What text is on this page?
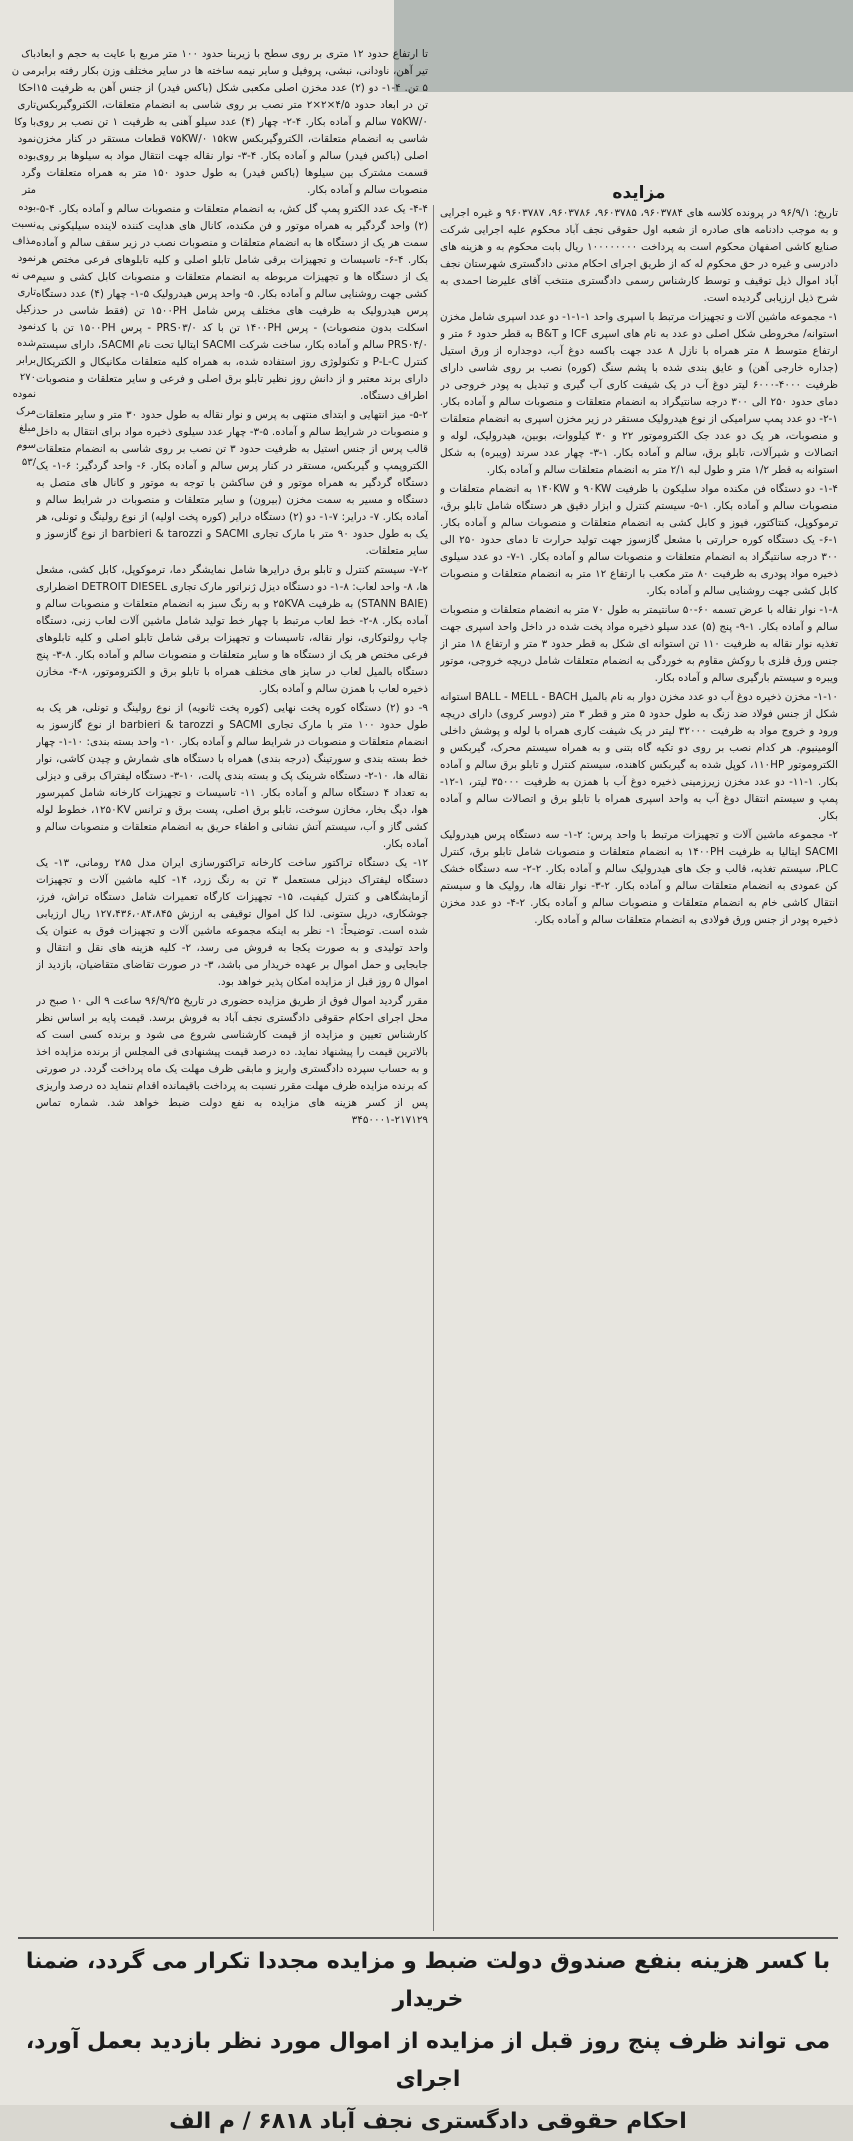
باک

می ن

احکا

تاری

با وکا

نمود

بوده

گرد

متر

بوده

نسبت

مذاف

نمود

می نه

تاری

زکیل

نمود

شده

برابر

۲۷۰

نموده

مرک

مبلغ

سوم

/۵۳

مزایده

تاریخ: ۹۶/۹/۱ در پرونده کلاسه های ۹۶۰۳۷۸۴، ۹۶۰۳۷۸۵، ۹۶۰۳۷۸۶، ۹۶۰۳۷۸۷ و غیره اجرایی و به موجب دادنامه های صادره از شعبه اول حقوقی نجف آباد محکوم علیه اجرایی شرکت صنایع کاشی اصفهان محکوم است به پرداخت ۱۰۰۰۰۰۰۰۰ ریال بابت محکوم به و هزینه های دادرسی و غیره در حق محکوم له که از طریق اجرای احکام مدنی دادگستری شهرستان نجف آباد اموال ذیل توقیف و توسط کارشناس رسمی دادگستری منتخب آقای علیرضا احمدی به شرح ذیل ارزیابی گردیده است.

۱- مجموعه ماشین آلات و تجهیزات مرتبط با اسپری واحد ۱-۱-۱- دو عدد اسپری شامل مخزن استوانه/ مخروطی شکل اصلی دو عدد به نام های اسپری ICF و B&T به قطر حدود ۶ متر و ارتفاع متوسط ۸ متر همراه با نازل ۸ عدد جهت باکسه دوغ آب، دوجداره از ورق استیل (جداره خارجی آهن) و عایق بندی شده با پشم سنگ (کوره) نصب بر روی شاسی دارای ظرفیت ۴۰۰۰-۶۰۰۰ لیتر دوغ آب در یک شیفت کاری آب گیری و تبدیل به پودر خروجی در دمای حدود ۲۵۰ الی ۳۰۰ درجه سانتیگراد به انضمام متعلقات و منصوبات سالم و آماده بکار. ۱-۲- دو عدد پمپ سرامیکی از نوع هیدرولیک مستقر در زیر مخزن اسپری به انضمام متعلقات و منصوبات، هر یک دو عدد جک الکتروموتور ۲۲ و ۳۰ کیلووات، بوبین، هیدرولیک، لوله و اتصالات و شیرآلات، تابلو برق، سالم و آماده بکار. ۱-۳- چهار عدد سرند (ویبره) به شکل استوانه به قطر ۱/۲ متر و طول لبه ۲/۱ متر به انضمام متعلقات سالم و آماده بکار.

۱-۴- دو دستگاه فن مکنده مواد سلیکون با ظرفیت ۹۰KW و ۱۴۰KW به انضمام متعلقات و منصوبات سالم و آماده بکار. ۱-۵- سیستم کنترل و ابزار دقیق هر دستگاه شامل تابلو برق، ترموکوپل، کنتاکتور، فیوز و کابل کشی به انضمام متعلقات و منصوبات سالم و آماده بکار. ۱-۶- یک دستگاه کوره حرارتی با مشعل گازسوز جهت تولید حرارت تا دمای حدود ۲۵۰ الی ۳۰۰ درجه سانتیگراد به انضمام متعلقات و منصوبات سالم و آماده بکار. ۱-۷- دو عدد سیلوی ذخیره مواد پودری به ظرفیت ۸۰ متر مکعب با ارتفاع ۱۲ متر به انضمام متعلقات و منصوبات کابل کشی جهت روشنایی سالم و آماده بکار.

۱-۸- نوار نقاله با عرض تسمه ۶۰-۵۰ سانتیمتر به طول ۷۰ متر به انضمام متعلقات و منصوبات سالم و آماده بکار. ۱-۹- پنج (۵) عدد سیلو ذخیره مواد پخت شده در داخل واحد اسپری جهت تغذیه نوار نقاله به ظرفیت ۱۱۰ تن استوانه ای شکل به قطر حدود ۳ متر و ارتفاع ۱۸ متر از جنس ورق فلزی با روکش مقاوم به خوردگی به انضمام متعلقات شامل دریچه خروجی، موتور ویبره و سیستم بارگیری سالم و آماده بکار.

۱-۱۰- مخزن ذخیره دوغ آب دو عدد مخزن دوار به نام بالمیل BALL - MELL - BACH استوانه شکل از جنس فولاد ضد زنگ به طول حدود ۵ متر و قطر ۳ متر (دوسر کروی) دارای دریچه ورود و خروج مواد به ظرفیت ۳۲۰۰۰ لیتر در یک شیفت کاری همراه با لوله و پوشش داخلی آلومینیوم. هر کدام نصب بر روی دو تکیه گاه بتنی و به همراه سیستم محرک، گیربکس و الکتروموتور ۱۱۰HP، کوپل شده به گیربکس کاهنده، سیستم کنترل و تابلو برق سالم و آماده بکار. ۱-۱۱- دو عدد مخزن زیرزمینی ذخیره دوغ آب با همزن به ظرفیت ۳۵۰۰۰ لیتر، ۱-۱۲- پمپ و سیستم انتقال دوغ آب به واحد اسپری همراه با تابلو برق و اتصالات سالم و آماده بکار.

۲- مجموعه ماشین آلات و تجهیزات مرتبط با واحد پرس: ۲-۱- سه دستگاه پرس هیدرولیک SACMI ایتالیا به ظرفیت ۱۴۰۰PH به انضمام متعلقات و منصوبات شامل تابلو برق، کنترل PLC، سیستم تغذیه، قالب و جک های هیدرولیک سالم و آماده بکار. ۲-۲- سه دستگاه خشک کن عمودی به انضمام متعلقات سالم و آماده بکار. ۲-۳- نوار نقاله ها، رولیک ها و سیستم انتقال کاشی خام به انضمام متعلقات و منصوبات سالم و آماده بکار. ۲-۴- دو عدد مخزن ذخیره پودر از جنس ورق فولادی به انضمام متعلقات سالم و آماده بکار.

تا ارتفاع حدود ۱۲ متری بر روی سطح با زیربنا حدود ۱۰۰ متر مربع با عایت به حجم و ابعاد تیر آهن، ناودانی، نبشی، پروفیل و سایر نیمه ساخته ها در سایر مختلف وزن بکار رفته برابر ۵ تن. ۴-۱- دو (۲) عدد مخزن اصلی مکعبی شکل (باکس فیدر) از جنس آهن به ظرفیت ۱۵ تن در ابعاد حدود ۴/۵×۲×۲ متر نصب بر روی شاسی به انضمام متعلقات، الکتروگیربکس ۷۵KW/۰ سالم و آماده بکار. ۴-۲- چهار (۴) عدد سیلو آهنی به ظرفیت ۱ تن نصب بر روی شاسی به انضمام متعلقات، الکتروگیربکس ۷۵KW/۰ ۱۵kw قطعات مستقر در کنار مخزن اصلی (باکس فیدر) سالم و آماده بکار. ۴-۳- نوار نقاله جهت انتقال مواد به سیلوها بر روی قسمت مشترک بین سیلوها (باکس فیدر) به طول حدود ۱۵۰ متر به همراه متعلقات و منصوبات سالم و آماده بکار.

۴-۴- یک عدد الکترو پمپ گل کش، به انضمام متعلقات و منصوبات سالم و آماده بکار. ۴-۵- (۲) واحد گردگیر به همراه موتور و فن مکنده، کانال های هدایت کننده لاینده سیلیکونی به سمت هر یک از دستگاه ها به انضمام متعلقات و منصوبات نصب در زیر سقف سالم و آماده بکار. ۴-۶- تاسیسات و تجهیزات برقی شامل تابلو اصلی و کلیه تابلوهای فرعی مختص هر یک از دستگاه ها و تجهیزات مربوطه به انضمام متعلقات و منصوبات کابل کشی و سیم کشی جهت روشنایی سالم و آماده بکار. ۵- واحد پرس هیدرولیک ۵-۱- چهار (۴) عدد دستگاه پرس هیدرولیک به ظرفیت های مختلف پرس شامل ۱۵۰۰PH تن (فقط شاسی در حد اسکلت بدون منصوبات) - پرس ۱۴۰۰PH تن با کد PRS۰۳/۰ - پرس ۱۵۰۰PH تن با کد PRS۰۴/۰ سالم و آماده بکار، ساخت شرکت SACMI ایتالیا تحت نام SACMI، دارای سیستم کنترل P-L-C و تکنولوژی روز استفاده شده، به همراه کلیه متعلقات مکانیکال و الکتریکال دارای برند معتبر و از دانش روز نظیر تابلو برق اصلی و فرعی و سایر متعلقات و منصوبات اطراف دستگاه.

۵-۲- میز انتهایی و ابتدای منتهی به پرس و نوار نقاله به طول حدود ۳۰ متر و سایر متعلقات و منصوبات در شرایط سالم و آماده. ۵-۳- چهار عدد سیلوی ذخیره مواد برای انتقال به داخل قالب پرس از جنس استیل به ظرفیت حدود ۳ تن نصب بر روی شاسی به انضمام متعلقات الکتروپمپ و گیربکس، مستقر در کنار پرس سالم و آماده بکار. ۶- واحد گردگیر: ۶-۱- یک دستگاه گردگیر به همراه موتور و فن ساکشن با توجه به موتور و کانال های متصل به دستگاه و مسیر به سمت مخزن (بیرون) و سایر متعلقات و منصوبات در شرایط سالم و آماده بکار. ۷- درایر: ۷-۱- دو (۲) دستگاه درایر (کوره پخت اولیه) از نوع رولینگ و تونلی، هر یک به طول حدود ۹۰ متر با مارک تجاری SACMI و barbieri & tarozzi از نوع گازسوز و سایر متعلقات.

۷-۲- سیستم کنترل و تابلو برق درایرها شامل نمایشگر دما، ترموکوپل، کابل کشی، مشعل ها، ۸- واحد لعاب: ۸-۱- دو دستگاه دیزل ژنراتور مارک تجاری DETROIT DIESEL اضطراری (STANN BAIE) به ظرفیت ۲۵KVA و به رنگ سبز به انضمام متعلقات و منصوبات سالم و آماده بکار. ۸-۲- خط لعاب مرتبط با چهار خط تولید شامل ماشین آلات لعاب زنی، دستگاه چاپ رولتوکاری، نوار نقاله، تاسیسات و تجهیزات برقی شامل تابلو اصلی و کلیه تابلوهای فرعی مختص هر یک از دستگاه ها و سایر متعلقات و منصوبات سالم و آماده بکار. ۸-۳- پنج دستگاه بالمیل لعاب در سایز های مختلف همراه با تابلو برق و الکتروموتور، ۸-۴- مخازن ذخیره لعاب با همزن سالم و آماده بکار.

۹- دو (۲) دستگاه کوره پخت نهایی (کوره پخت ثانویه) از نوع رولینگ و تونلی، هر یک به طول حدود ۱۰۰ متر با مارک تجاری SACMI و barbieri & tarozzi از نوع گازسوز به انضمام متعلقات و منصوبات در شرایط سالم و آماده بکار. ۱۰- واحد بسته بندی: ۱۰-۱- چهار خط بسته بندی و سورتینگ (درجه بندی) همراه با دستگاه های شمارش و چیدن کاشی، نوار نقاله ها، ۱۰-۲- دستگاه شرینک پک و بسته بندی پالت، ۱۰-۳- دستگاه لیفتراک برقی و دیزلی به تعداد ۴ دستگاه سالم و آماده بکار. ۱۱- تاسیسات و تجهیزات کارخانه شامل کمپرسور هوا، دیگ بخار، مخازن سوخت، تابلو برق اصلی، پست برق و ترانس ۱۲۵۰KV، خطوط لوله کشی گاز و آب، سیستم آتش نشانی و اطفاء حریق به انضمام متعلقات و منصوبات سالم و آماده بکار.

۱۲- یک دستگاه تراکتور ساخت کارخانه تراکتورسازی ایران مدل ۲۸۵ رومانی، ۱۳- یک دستگاه لیفتراک دیزلی مستعمل ۳ تن به رنگ زرد، ۱۴- کلیه ماشین آلات و تجهیزات آزمایشگاهی و کنترل کیفیت، ۱۵- تجهیزات کارگاه تعمیرات شامل دستگاه تراش، فرز، جوشکاری، دریل ستونی. لذا کل اموال توقیفی به ارزش ۱۲۷،۴۳۶،۰۸۴،۸۴۵ ریال ارزیابی شده است. توضیحاً: ۱- نظر به اینکه مجموعه ماشین آلات و تجهیزات فوق به عنوان یک واحد تولیدی و به صورت یکجا به فروش می رسد، ۲- کلیه هزینه های نقل و انتقال و جابجایی و حمل اموال بر عهده خریدار می باشد، ۳- در صورت تقاضای متقاضیان، بازدید از اموال ۵ روز قبل از مزایده امکان پذیر خواهد بود.

مقرر گردید اموال فوق از طریق مزایده حضوری در تاریخ ۹۶/۹/۲۵ ساعت ۹ الی ۱۰ صبح در محل اجرای احکام حقوقی دادگستری نجف آباد به فروش برسد. قیمت پایه بر اساس نظر کارشناس تعیین و مزایده از قیمت کارشناسی شروع می شود و برنده کسی است که بالاترین قیمت را پیشنهاد نماید. ده درصد قیمت پیشنهادی فی المجلس از برنده مزایده اخذ و به حساب سپرده دادگستری واریز و مابقی ظرف مهلت یک ماه پرداخت گردد. در صورتی که برنده مزایده ظرف مهلت مقرر نسبت به پرداخت باقیمانده اقدام ننماید ده درصد واریزی پس از کسر هزینه های مزایده به نفع دولت ضبط خواهد شد. شماره تماس ۲۱۷۱۲۹-۳۴۵۰۰۰۱

با کسر هزینه بنفع صندوق دولت ضبط و مزایده مجددا تکرار می گردد، ضمنا خریدار

می تواند ظرف پنج روز قبل از مزایده از اموال مورد نظر بازدید بعمل آورد، اجرای

احکام حقوقی دادگستری نجف آباد ۶۸۱۸ / م الف
